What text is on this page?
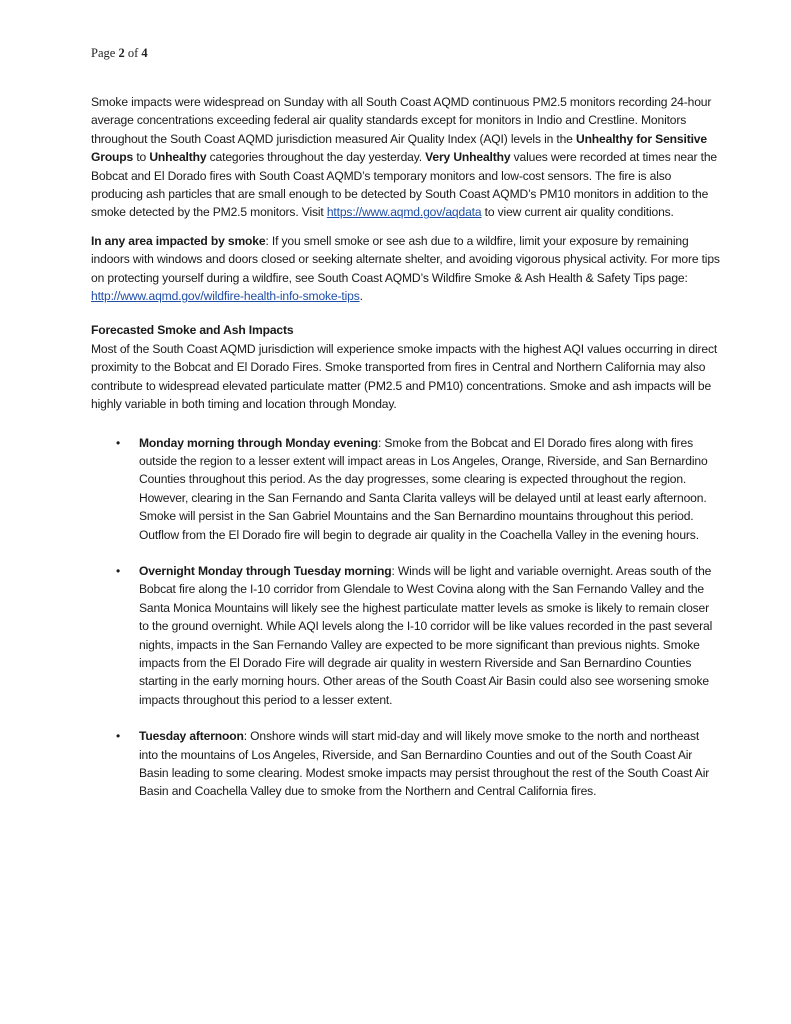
Page 2 of 4

Smoke impacts were widespread on Sunday with all South Coast AQMD continuous PM2.5 monitors recording 24-hour average concentrations exceeding federal air quality standards except for monitors in Indio and Crestline. Monitors throughout the South Coast AQMD jurisdiction measured Air Quality Index (AQI) levels in the Unhealthy for Sensitive Groups to Unhealthy categories throughout the day yesterday. Very Unhealthy values were recorded at times near the Bobcat and El Dorado fires with South Coast AQMD’s temporary monitors and low-cost sensors. The fire is also producing ash particles that are small enough to be detected by South Coast AQMD’s PM10 monitors in addition to the smoke detected by the PM2.5 monitors. Visit https://www.aqmd.gov/aqdata to view current air quality conditions.

In any area impacted by smoke: If you smell smoke or see ash due to a wildfire, limit your exposure by remaining indoors with windows and doors closed or seeking alternate shelter, and avoiding vigorous physical activity. For more tips on protecting yourself during a wildfire, see South Coast AQMD’s Wildfire Smoke & Ash Health & Safety Tips page: http://www.aqmd.gov/wildfire-health-info-smoke-tips.

Forecasted Smoke and Ash Impacts

Most of the South Coast AQMD jurisdiction will experience smoke impacts with the highest AQI values occurring in direct proximity to the Bobcat and El Dorado Fires. Smoke transported from fires in Central and Northern California may also contribute to widespread elevated particulate matter (PM2.5 and PM10) concentrations. Smoke and ash impacts will be highly variable in both timing and location through Monday.

• Monday morning through Monday evening: Smoke from the Bobcat and El Dorado fires along with fires outside the region to a lesser extent will impact areas in Los Angeles, Orange, Riverside, and San Bernardino Counties throughout this period. As the day progresses, some clearing is expected throughout the region. However, clearing in the San Fernando and Santa Clarita valleys will be delayed until at least early afternoon. Smoke will persist in the San Gabriel Mountains and the San Bernardino mountains throughout this period. Outflow from the El Dorado fire will begin to degrade air quality in the Coachella Valley in the evening hours.
• Overnight Monday through Tuesday morning: Winds will be light and variable overnight. Areas south of the Bobcat fire along the I-10 corridor from Glendale to West Covina along with the San Fernando Valley and the Santa Monica Mountains will likely see the highest particulate matter levels as smoke is likely to remain closer to the ground overnight. While AQI levels along the I-10 corridor will be like values recorded in the past several nights, impacts in the San Fernando Valley are expected to be more significant than previous nights. Smoke impacts from the El Dorado Fire will degrade air quality in western Riverside and San Bernardino Counties starting in the early morning hours. Other areas of the South Coast Air Basin could also see worsening smoke impacts throughout this period to a lesser extent.
• Tuesday afternoon: Onshore winds will start mid-day and will likely move smoke to the north and northeast into the mountains of Los Angeles, Riverside, and San Bernardino Counties and out of the South Coast Air Basin leading to some clearing. Modest smoke impacts may persist throughout the rest of the South Coast Air Basin and Coachella Valley due to smoke from the Northern and Central California fires.
